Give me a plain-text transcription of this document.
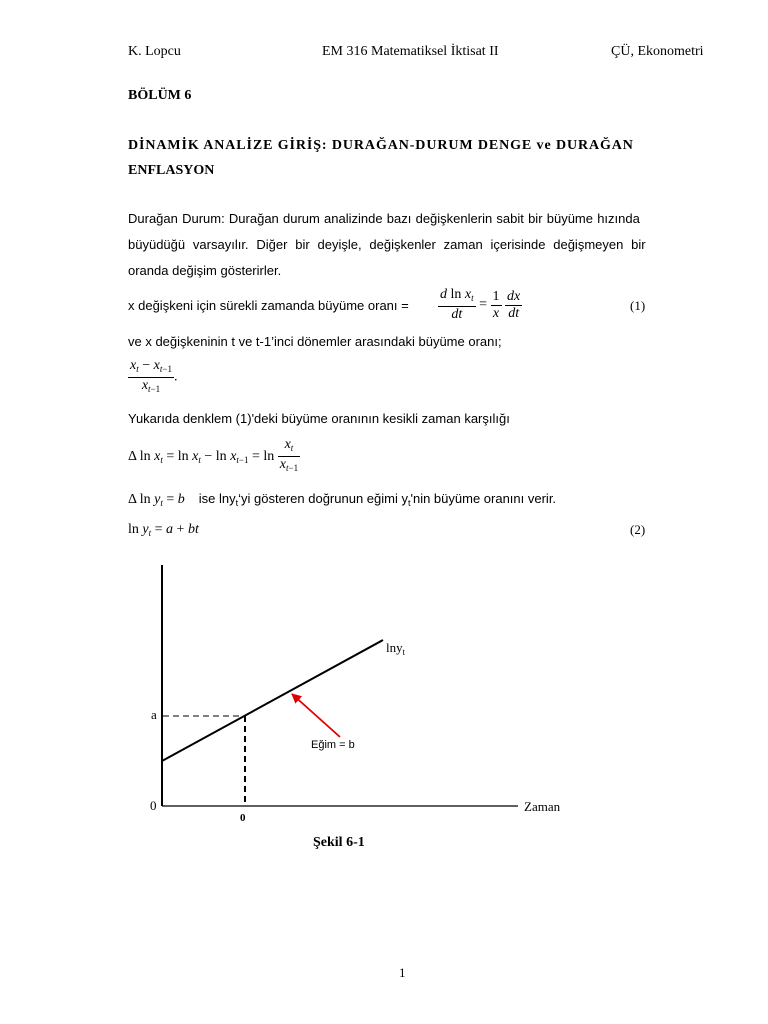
K. Lopcu	EM 316 Matematiksel İktisat II	ÇÜ, Ekonometri
BÖLÜM 6
DİNAMİK ANALİZE GİRİŞ: DURAĞAN-DURUM DENGE ve DURAĞAN
ENFLASYON
Durağan Durum: Durağan durum analizinde bazı değişkenlerin sabit bir büyüme hızında
büyüdüğü varsayılır. Diğer bir deyişle, değişkenler zaman içerisinde değişmeyen bir
oranda değişim gösterirler.
x değişkeni için sürekli zamanda büyüme oranı = $\frac{d \ln x_t}{dt} = \frac{1}{x}$
$\frac{dx}{dt}$	(1)
ve x değişkeninin t ve t-1’inci dönemler arasındaki büyüme oranı;
$\frac{x_t - x_{t-1}}{x_{t-1}}$ .
Yukarıda denklem (1)'deki büyüme oranının kesikli zaman karşılığı
Δ $\ln x_t = \ln x_t - \ln x_{t-1} = \ln \frac{x_t}{x_{t-1}}$
Δ $\ln y_t = b$ ise lny$_t$‘yi gösteren doğrunun eğimi $y_t'nin$ büyüme oranını verir.
$\ln y_t = a$ + bt	(2)
lny$_t$
a
Eğim = b
0	Zaman
0
Şekil 6-1
1
